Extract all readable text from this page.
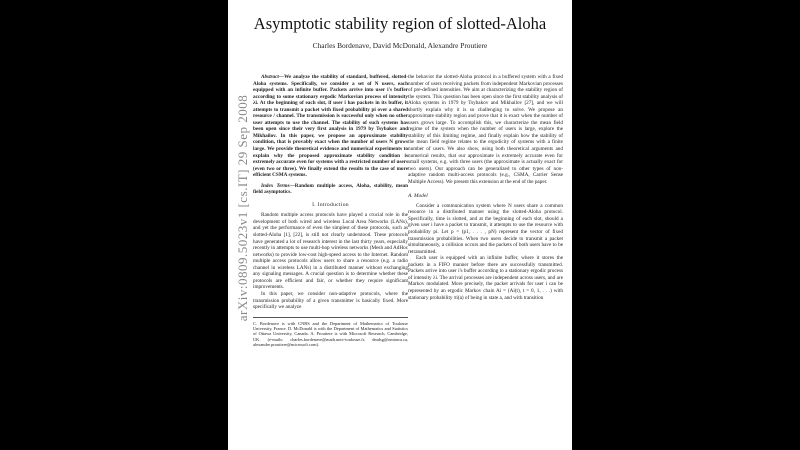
arXiv:0809.5023v1 [cs.IT] 29 Sep 2008
Asymptotic stability region of slotted-Aloha
Charles Bordenave, David McDonald, Alexandre Proutiere

Abstract—We analyze the stability of standard, buffered, slotted-Aloha systems. Specifically, we consider a set of N users, each equipped with an infinite buffer. Packets arrive into user i's buffer according to some stationary ergodic Markovian process of intensity λi. At the beginning of each slot, if user i has packets in its buffer, it attempts to transmit a packet with fixed probability pi over a shared resource / channel. The transmission is successful only when no other user attempts to use the channel. The stability of such systems has been open since their very first analysis in 1979 by Tsybakov and Mikhailov. In this paper, we propose an approximate stability condition, that is provably exact when the number of users N grows large. We provide theoretical evidence and numerical experiments to explain why the proposed approximate stability condition is extremely accurate even for systems with a restricted number of users (even two or three). We finally extend the results to the case of more efficient CSMA systems.

Index Terms—Random multiple access, Aloha, stability, mean field asymptotics.

I. Introduction

Random multiple access protocols have played a crucial role in the development of both wired and wireless Local Area Networks (LANs), and yet the performance of even the simplest of these protocols, such as slotted-Aloha [1], [22], is still not clearly understood. These protocols have generated a lot of research interest in the last thirty years, especially recently in attempts to use multi-hop wireless networks (Mesh and AdHoc networks) to provide low-cost high-speed access to the Internet. Random multiple access protocols allow users to share a resource (e.g. a radio channel in wireless LANs) in a distributed manner without exchanging any signaling messages. A crucial question is to determine whether these protocols are efficient and fair, or whether they require significant improvements.

In this paper, we consider non-adaptive protocols, where the transmission probability of a given transmitter is basically fixed. More specifically we analyze

C. Bordenave is with CNRS and the Department of Mathematics of Toulouse University, France. D. McDonald is with the Department of Mathematics and Statistics of Ottawa University, Canada. A. Proutiere is with Microsoft Research, Cambridge, UK. (e-mails: charles.bordenave@math.univ-toulouse.fr, dmdsg@omtawa.ca, alexandre.proutiere@microsoft.com).

the behavior the slotted-Aloha protocol in a buffered system with a fixed number of users receiving packets from independent Markovian processes of pre-defined intensities. We aim at characterizing the stability region of the system. This question has been open since the first stability analysis of Aloha systems in 1979 by Tsybakov and Mikhailov [27], and we will shortly explain why it is so challenging to solve. We propose an approximate stability region and prove that it is exact when the number of users grows large. To accomplish this, we characterize the mean field regime of the system when the number of users is large, explore the stability of this limiting regime, and finally explain how the stability of the mean field regime relates to the ergodicity of systems with a finite number of users. We also show, using both theoretical arguments and numerical results, that our approximate is extremely accurate even for small systems, e.g. with three users (the approximate is actually exact for two users). Our approach can be generalized to other types of non-adaptive random multi-access protocols (e.g., CSMA, Carrier Sense Multiple Access). We present this extension at the end of the paper.

A. Model

Consider a communication system where N users share a common resource in a distributed manner using the slotted-Aloha protocol. Specifically, time is slotted, and at the beginning of each slot, should a given user i have a packet to transmit, it attempts to use the resource with probability pi. Let p = (p1, . . . , pN) represent the vector of fixed transmission probabilities. When two users decide to transmit a packet simultaneously, a collision occurs and the packets of both users have to be retransmitted.

Each user is equipped with an infinite buffer, where it stores the packets in a FIFO manner before there are successfully transmitted. Packets arrive into user i's buffer according to a stationary ergodic process of intensity λi. The arrival processes are independent across users, and are Markov modulated. More precisely, the packet arrivals for user i can be represented by an ergodic Markov chain Ai = (Ai(t), t = 0, 1, . . .) with stationary probability πi(a) of being in state a, and with transition
